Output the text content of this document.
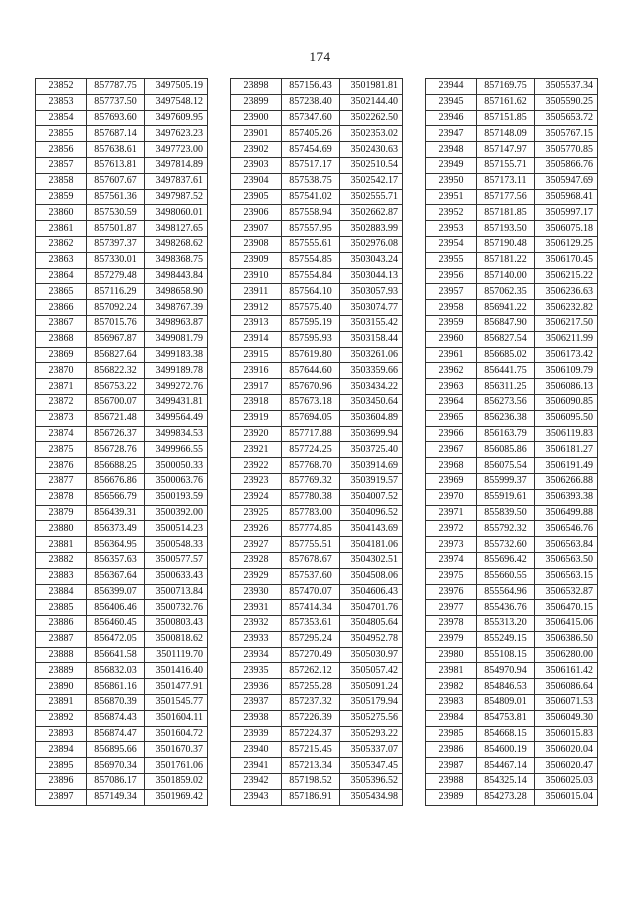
174
23852	857787.75	3497505.19
23853	857737.50	3497548.12
23854	857693.60	3497609.95
23855	857687.14	3497623.23
23856	857638.61	3497723.00
23857	857613.81	3497814.89
23858	857607.67	3497837.61
23859	857561.36	3497987.52
23860	857530.59	3498060.01
23861	857501.87	3498127.65
23862	857397.37	3498268.62
23863	857330.01	3498368.75
23864	857279.48	3498443.84
23865	857116.29	3498658.90
23866	857092.24	3498767.39
23867	857015.76	3498963.87
23868	856967.87	3499081.79
23869	856827.64	3499183.38
23870	856822.32	3499189.78
23871	856753.22	3499272.76
23872	856700.07	3499431.81
23873	856721.48	3499564.49
23874	856726.37	3499834.53
23875	856728.76	3499966.55
23876	856688.25	3500050.33
23877	856676.86	3500063.76
23878	856566.79	3500193.59
23879	856439.31	3500392.00
23880	856373.49	3500514.23
23881	856364.95	3500548.33
23882	856357.63	3500577.57
23883	856367.64	3500633.43
23884	856399.07	3500713.84
23885	856406.46	3500732.76
23886	856460.45	3500803.43
23887	856472.05	3500818.62
23888	856641.58	3501119.70
23889	856832.03	3501416.40
23890	856861.16	3501477.91
23891	856870.39	3501545.77
23892	856874.43	3501604.11
23893	856874.47	3501604.72
23894	856895.66	3501670.37
23895	856970.34	3501761.06
23896	857086.17	3501859.02
23897	857149.34	3501969.42
23898	857156.43	3501981.81
23899	857238.40	3502144.40
23900	857347.60	3502262.50
23901	857405.26	3502353.02
23902	857454.69	3502430.63
23903	857517.17	3502510.54
23904	857538.75	3502542.17
23905	857541.02	3502555.71
23906	857558.94	3502662.87
23907	857557.95	3502883.99
23908	857555.61	3502976.08
23909	857554.85	3503043.24
23910	857554.84	3503044.13
23911	857564.10	3503057.93
23912	857575.40	3503074.77
23913	857595.19	3503155.42
23914	857595.93	3503158.44
23915	857619.80	3503261.06
23916	857644.60	3503359.66
23917	857670.96	3503434.22
23918	857673.18	3503450.64
23919	857694.05	3503604.89
23920	857717.88	3503699.94
23921	857724.25	3503725.40
23922	857768.70	3503914.69
23923	857769.32	3503919.57
23924	857780.38	3504007.52
23925	857783.00	3504096.52
23926	857774.85	3504143.69
23927	857755.51	3504181.06
23928	857678.67	3504302.51
23929	857537.60	3504508.06
23930	857470.07	3504606.43
23931	857414.34	3504701.76
23932	857353.61	3504805.64
23933	857295.24	3504952.78
23934	857270.49	3505030.97
23935	857262.12	3505057.42
23936	857255.28	3505091.24
23937	857237.32	3505179.94
23938	857226.39	3505275.56
23939	857224.37	3505293.22
23940	857215.45	3505337.07
23941	857213.34	3505347.45
23942	857198.52	3505396.52
23943	857186.91	3505434.98
23944	857169.75	3505537.34
23945	857161.62	3505590.25
23946	857151.85	3505653.72
23947	857148.09	3505767.15
23948	857147.97	3505770.85
23949	857155.71	3505866.76
23950	857173.11	3505947.69
23951	857177.56	3505968.41
23952	857181.85	3505997.17
23953	857193.50	3506075.18
23954	857190.48	3506129.25
23955	857181.22	3506170.45
23956	857140.00	3506215.22
23957	857062.35	3506236.63
23958	856941.22	3506232.82
23959	856847.90	3506217.50
23960	856827.54	3506211.99
23961	856685.02	3506173.42
23962	856441.75	3506109.79
23963	856311.25	3506086.13
23964	856273.56	3506090.85
23965	856236.38	3506095.50
23966	856163.79	3506119.83
23967	856085.86	3506181.27
23968	856075.54	3506191.49
23969	855999.37	3506266.88
23970	855919.61	3506393.38
23971	855839.50	3506499.88
23972	855792.32	3506546.76
23973	855732.60	3506563.84
23974	855696.42	3506563.50
23975	855660.55	3506563.15
23976	855564.96	3506532.87
23977	855436.76	3506470.15
23978	855313.20	3506415.06
23979	855249.15	3506386.50
23980	855108.15	3506280.00
23981	854970.94	3506161.42
23982	854846.53	3506086.64
23983	854809.01	3506071.53
23984	854753.81	3506049.30
23985	854668.15	3506015.83
23986	854600.19	3506020.04
23987	854467.14	3506020.47
23988	854325.14	3506025.03
23989	854273.28	3506015.04
